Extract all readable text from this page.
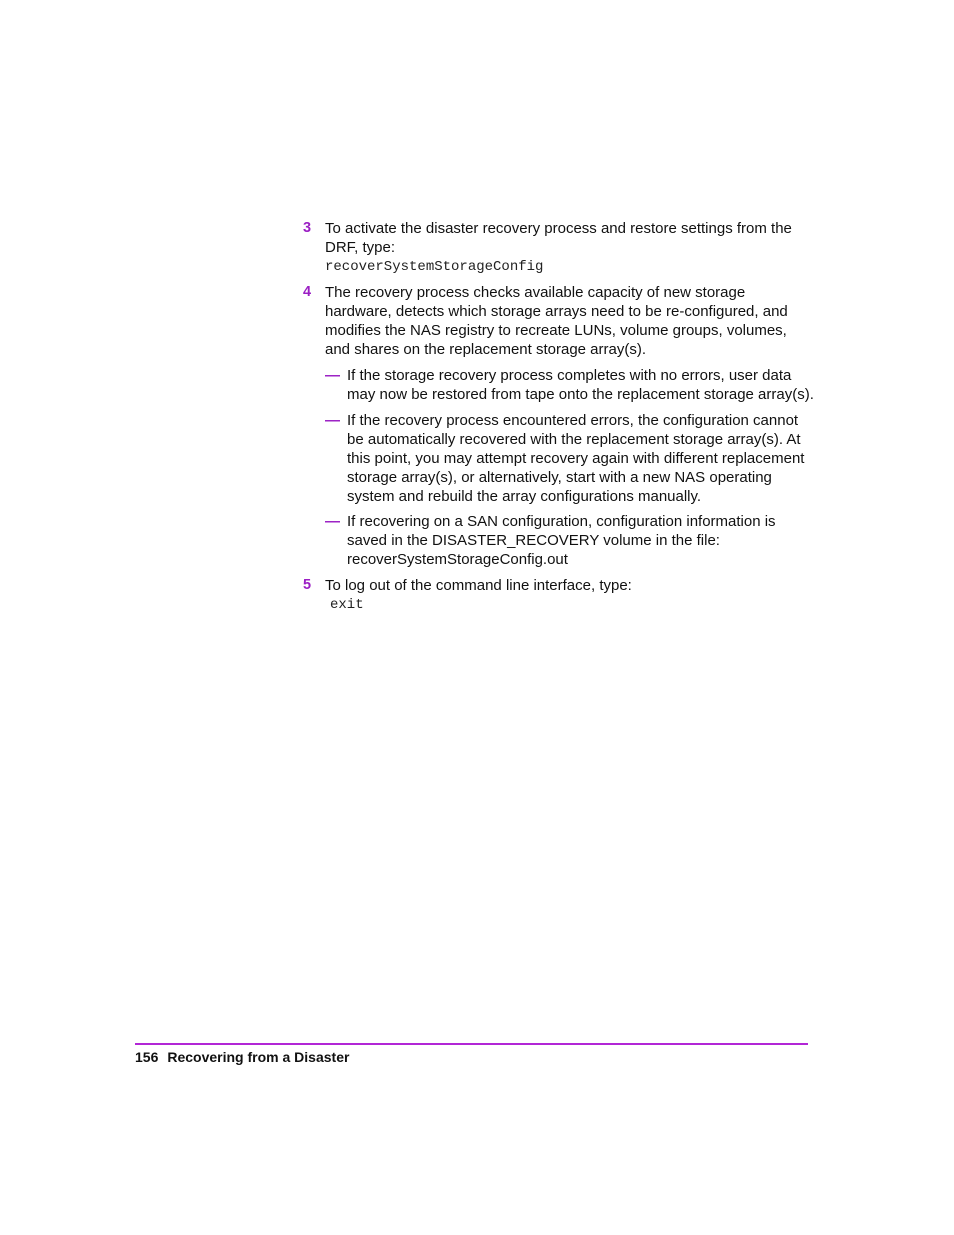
3 To activate the disaster recovery process and restore settings from the DRF, type:
recoverSystemStorageConfig
4 The recovery process checks available capacity of new storage hardware, detects which storage arrays need to be re-configured, and modifies the NAS registry to recreate LUNs, volume groups, volumes, and shares on the replacement storage array(s).
— If the storage recovery process completes with no errors, user data may now be restored from tape onto the replacement storage array(s).
— If the recovery process encountered errors, the configuration cannot be automatically recovered with the replacement storage array(s). At this point, you may attempt recovery again with different replacement storage array(s), or alternatively, start with a new NAS operating system and rebuild the array configurations manually.
— If recovering on a SAN configuration, configuration information is saved in the DISASTER_RECOVERY volume in the file: recoverSystemStorageConfig.out
5 To log out of the command line interface, type:
exit
156 Recovering from a Disaster
